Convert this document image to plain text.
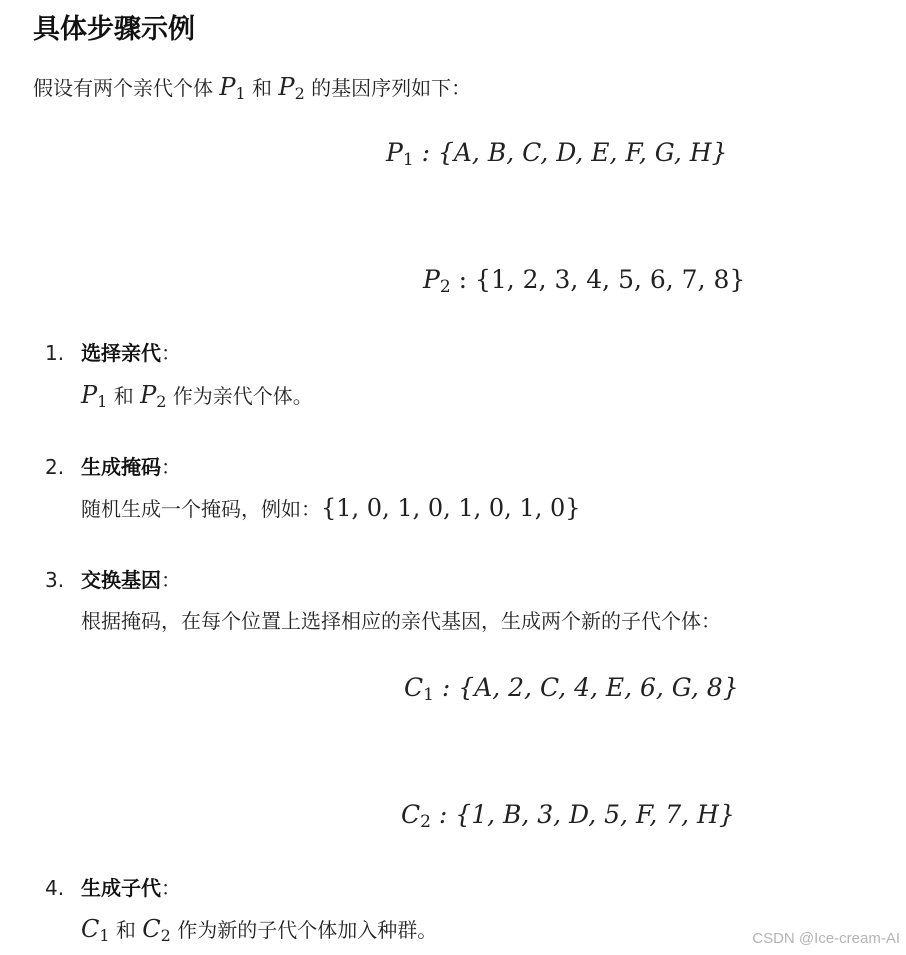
具体步骤示例
假设有两个亲代个体 $P_1$ 和 $P_2$ 的基因序列如下：
$P_1$ : {A, B, C, D, E, F, G, H}
$P_2$ : {1, 2, 3, 4, 5, 6, 7, 8}
1. 选择亲代：
$P_1$ 和 $P_2$ 作为亲代个体。
2. 生成掩码：
随机生成一个掩码，例如：{1, 0, 1, 0, 1, 0, 1, 0}
3. 交换基因：
根据掩码，在每个位置上选择相应的亲代基因，生成两个新的子代个体：
$C_1$ : {A, 2, C, 4, E, 6, G, 8}
$C_2$ : {1, B, 3, D, 5, F, 7, H}
4. 生成子代：
$C_1$ 和 $C_2$ 作为新的子代个体加入种群。	CSDN @Ice-cream-AI
